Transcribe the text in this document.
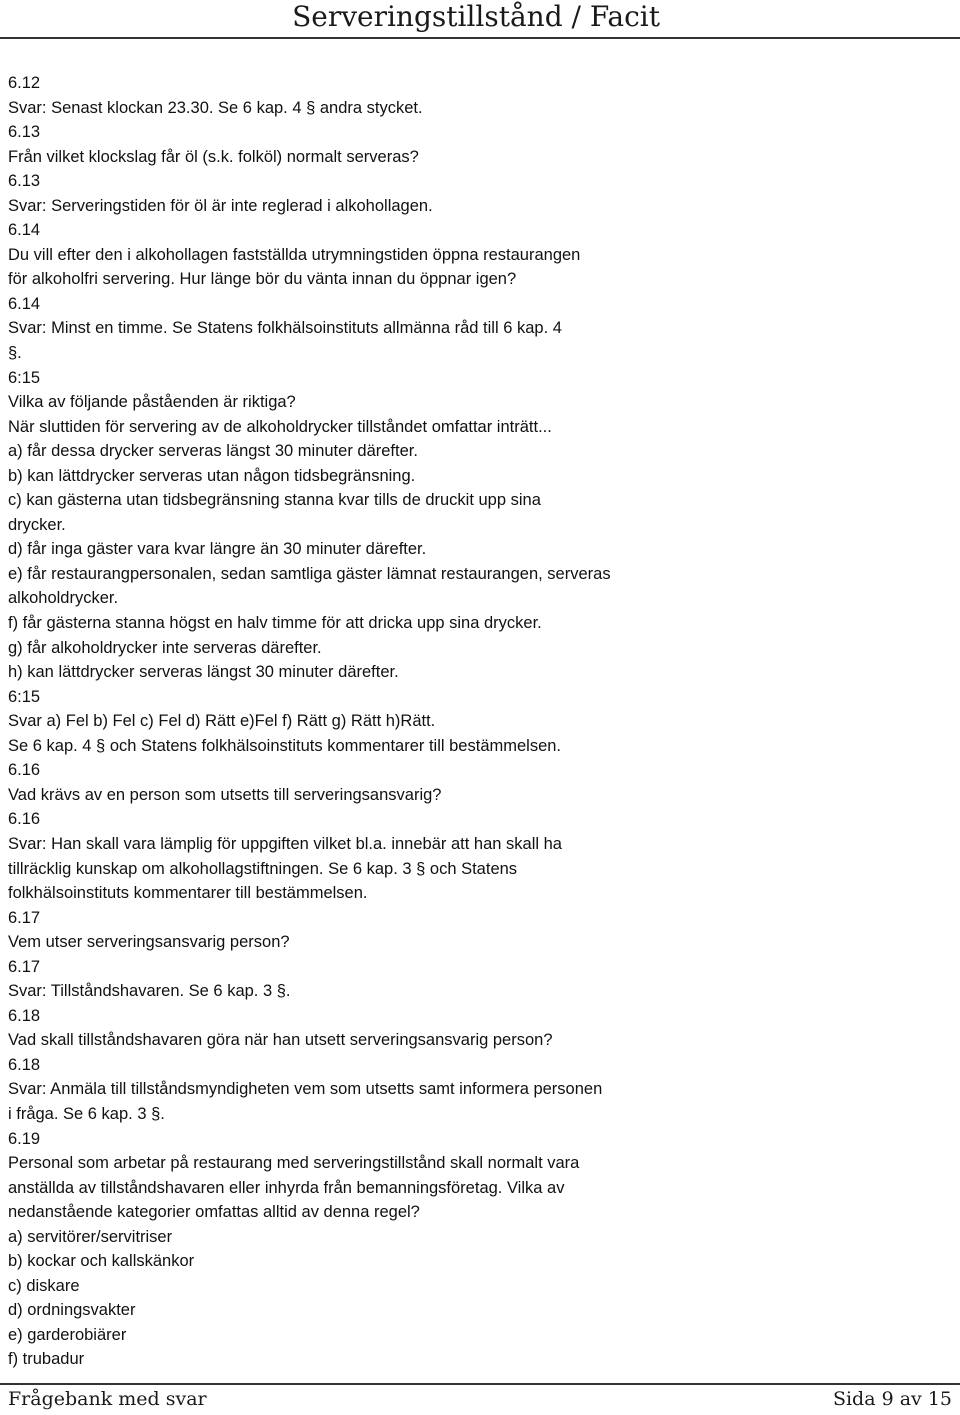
Serveringstillstånd / Facit
6.12
Svar: Senast klockan 23.30. Se 6 kap. 4 § andra stycket.
6.13
Från vilket klockslag får öl (s.k. folköl) normalt serveras?
6.13
Svar: Serveringstiden för öl är inte reglerad i alkohollagen.
6.14
Du vill efter den i alkohollagen fastställda utrymningstiden öppna restaurangen
för alkoholfri servering. Hur länge bör du vänta innan du öppnar igen?
6.14
Svar: Minst en timme. Se Statens folkhälsoinstituts allmänna råd till 6 kap. 4
§.
6:15
Vilka av följande påståenden är riktiga?
När sluttiden för servering av de alkoholdrycker tillståndet omfattar inträtt...
a) får dessa drycker serveras längst 30 minuter därefter.
b) kan lättdrycker serveras utan någon tidsbegränsning.
c) kan gästerna utan tidsbegränsning stanna kvar tills de druckit upp sina
drycker.
d) får inga gäster vara kvar längre än 30 minuter därefter.
e) får restaurangpersonalen, sedan samtliga gäster lämnat restaurangen, serveras
alkoholdrycker.
f) får gästerna stanna högst en halv timme för att dricka upp sina drycker.
g) får alkoholdrycker inte serveras därefter.
h) kan lättdrycker serveras längst 30 minuter därefter.
6:15
Svar a) Fel b) Fel c) Fel d) Rätt e)Fel f) Rätt g) Rätt h)Rätt.
Se 6 kap. 4 § och Statens folkhälsoinstituts kommentarer till bestämmelsen.
6.16
Vad krävs av en person som utsetts till serveringsansvarig?
6.16
Svar: Han skall vara lämplig för uppgiften vilket bl.a. innebär att han skall ha
tillräcklig kunskap om alkohollagstiftningen. Se 6 kap. 3 § och Statens
folkhälsoinstituts kommentarer till bestämmelsen.
6.17
Vem utser serveringsansvarig person?
6.17
Svar: Tillståndshavaren. Se 6 kap. 3 §.
6.18
Vad skall tillståndshavaren göra när han utsett serveringsansvarig person?
6.18
Svar: Anmäla till tillståndsmyndigheten vem som utsetts samt informera personen
i fråga. Se 6 kap. 3 §.
6.19
Personal som arbetar på restaurang med serveringstillstånd skall normalt vara
anställda av tillståndshavaren eller inhyrda från bemanningsföretag. Vilka av
nedanstående kategorier omfattas alltid av denna regel?
a) servitörer/servitriser
b) kockar och kallskänkor
c) diskare
d) ordningsvakter
e) garderobiärer
f) trubadur
Frågebank med svar	Sida 9 av 15
